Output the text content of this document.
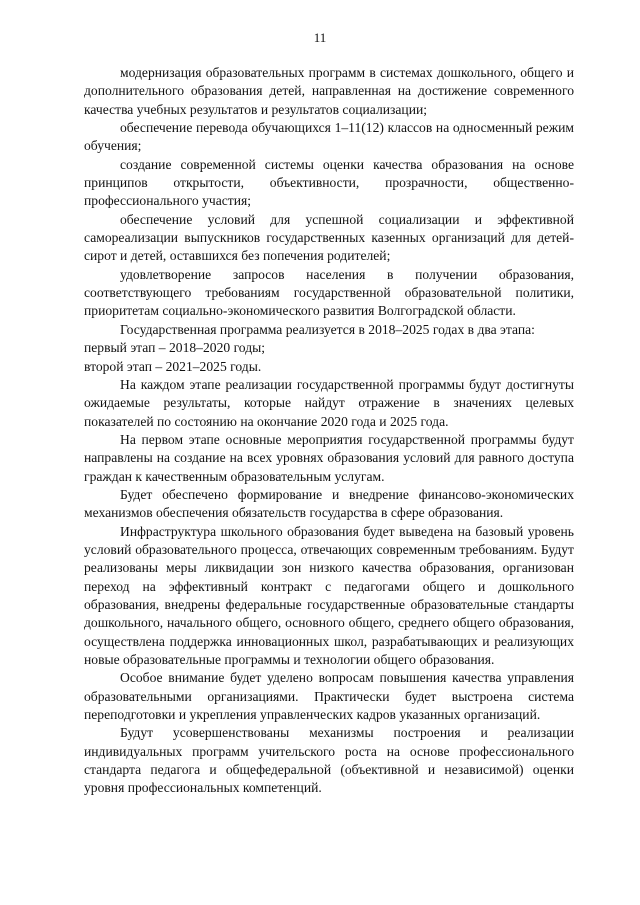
11

модернизация образовательных программ в системах дошкольного, общего и дополнительного образования детей, направленная на достижение современного качества учебных результатов и результатов социализации;

обеспечение перевода обучающихся 1–11(12) классов на односменный режим обучения;

создание современной системы оценки качества образования на основе принципов открытости, объективности, прозрачности, общественно-профессионального участия;

обеспечение условий для успешной социализации и эффективной самореализации выпускников государственных казенных организаций для детей-сирот и детей, оставшихся без попечения родителей;

удовлетворение запросов населения в получении образования, соответствующего требованиям государственной образовательной политики, приоритетам социально-экономического развития Волгоградской области.

Государственная программа реализуется в 2018–2025 годах в два этапа:

первый этап – 2018–2020 годы;

второй этап – 2021–2025 годы.

На каждом этапе реализации государственной программы будут достигнуты ожидаемые результаты, которые найдут отражение в значениях целевых показателей по состоянию на окончание 2020 года и 2025 года.

На первом этапе основные мероприятия государственной программы будут направлены на создание на всех уровнях образования условий для равного доступа граждан к качественным образовательным услугам.

Будет обеспечено формирование и внедрение финансово-экономических механизмов обеспечения обязательств государства в сфере образования.

Инфраструктура школьного образования будет выведена на базовый уровень условий образовательного процесса, отвечающих современным требованиям. Будут реализованы меры ликвидации зон низкого качества образования, организован переход на эффективный контракт с педагогами общего и дошкольного образования, внедрены федеральные государственные образовательные стандарты дошкольного, начального общего, основного общего, среднего общего образования, осуществлена поддержка инновационных школ, разрабатывающих и реализующих новые образовательные программы и технологии общего образования.

Особое внимание будет уделено вопросам повышения качества управления образовательными организациями. Практически будет выстроена система переподготовки и укрепления управленческих кадров указанных организаций.

Будут усовершенствованы механизмы построения и реализации индивидуальных программ учительского роста на основе профессионального стандарта педагога и общефедеральной (объективной и независимой) оценки уровня профессиональных компетенций.
